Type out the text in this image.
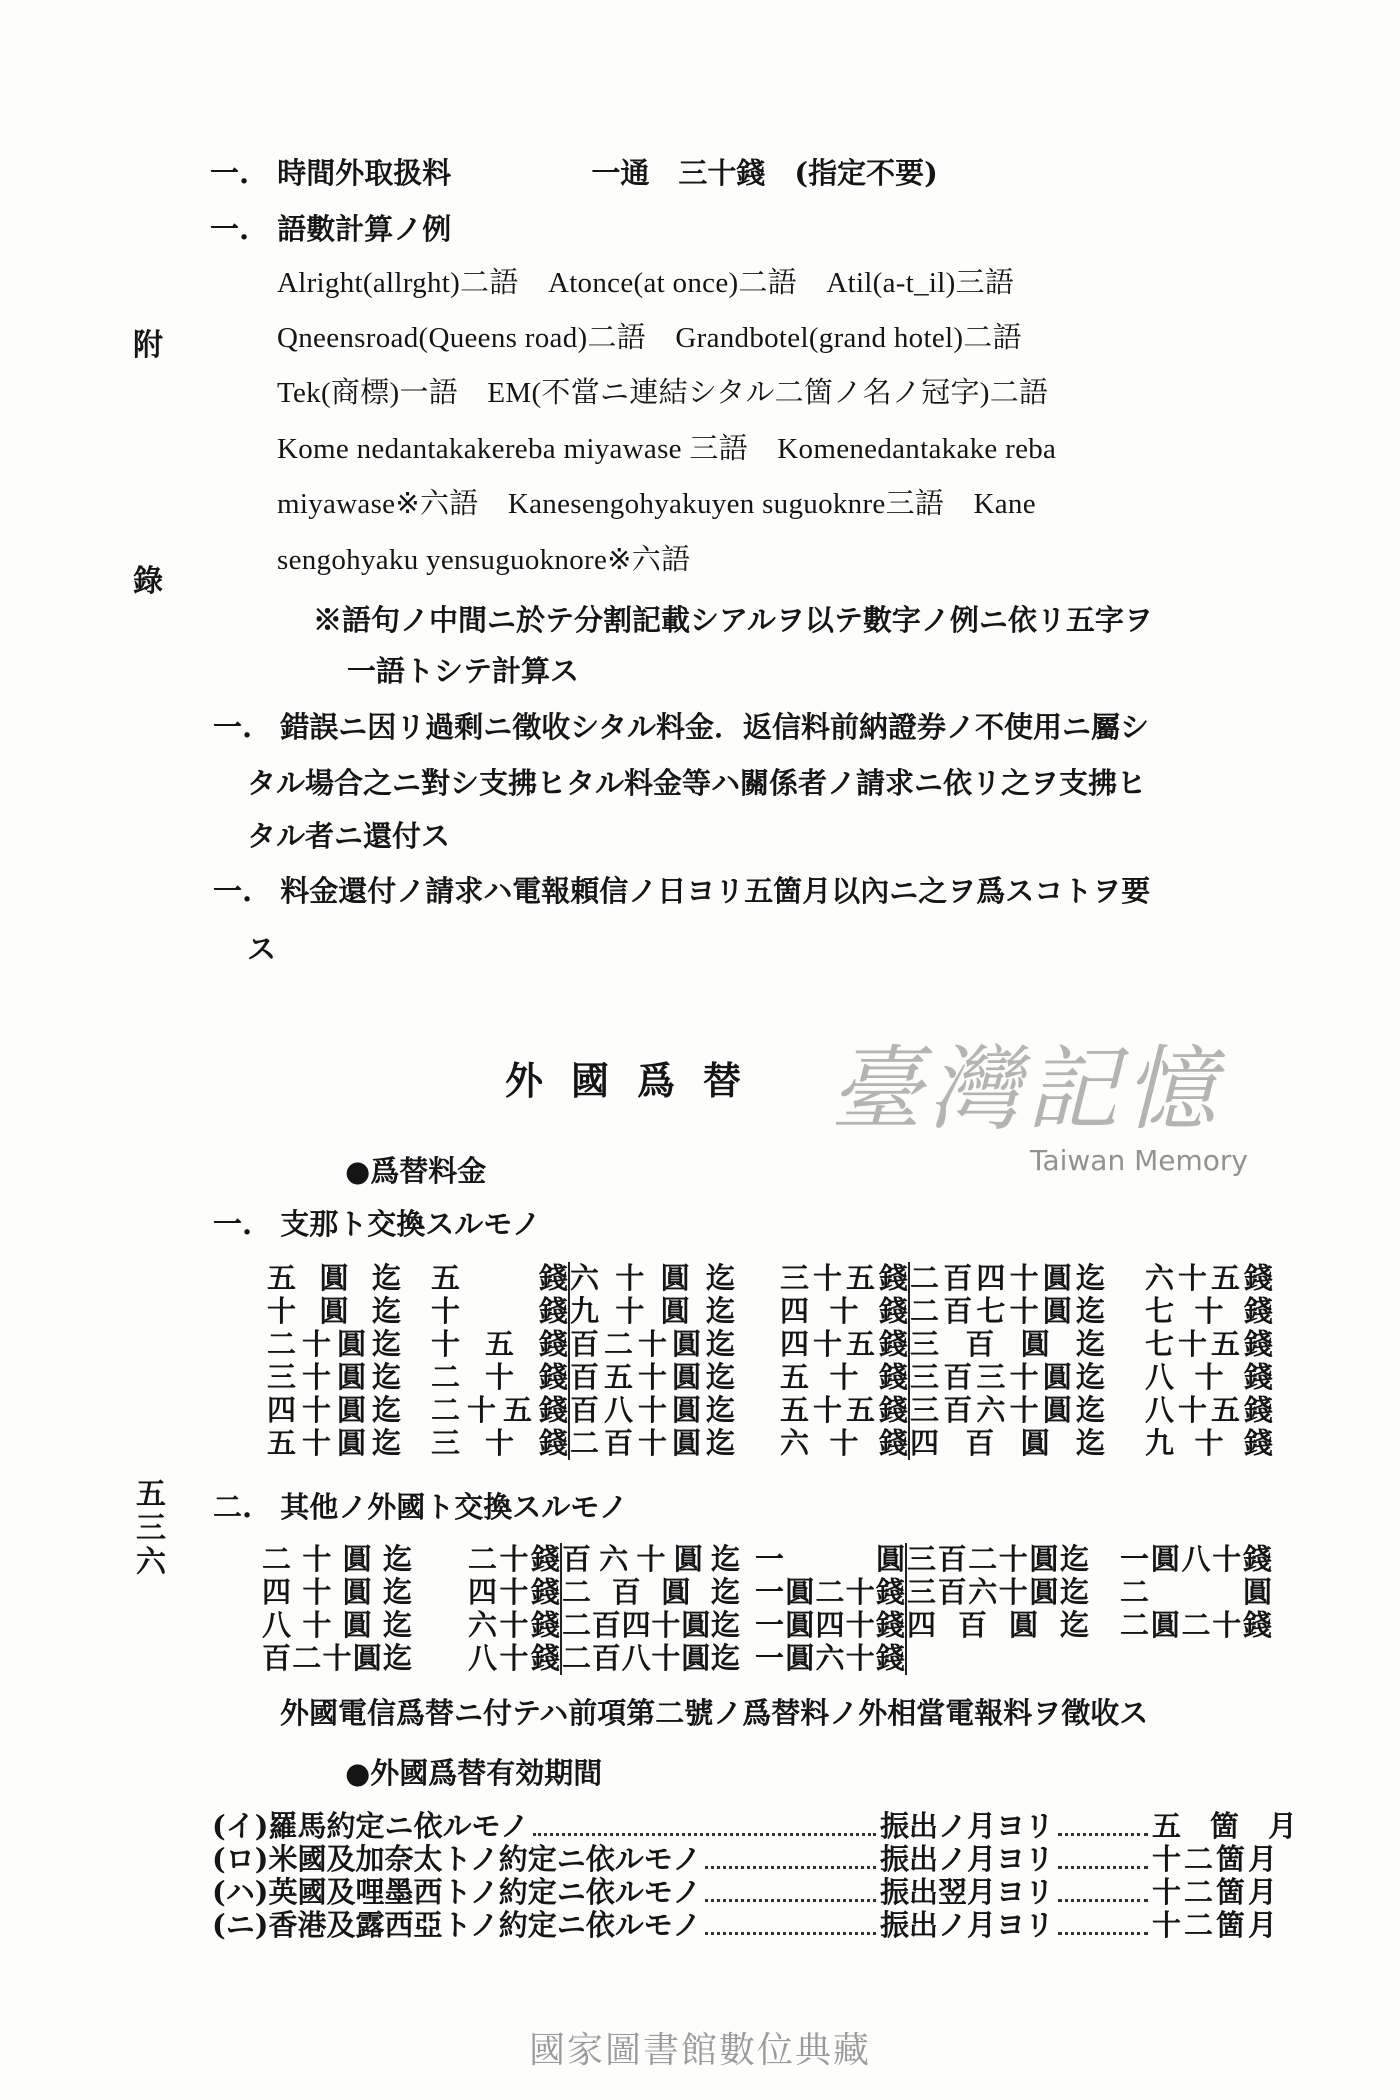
附
錄
五三六
一. 時間外取扱料	一通　三十錢　(指定不要)
一. 語數計算ノ例
Alright(allrght)二語　Atonce(at once)二語　Atil(a-t_il)三語
Qneensroad(Queens road)二語　Grandbotel(grand hotel)二語
Tek(商標)一語　EM(不當ニ連結シタル二箇ノ名ノ冠字)二語
Kome nedantakakereba miyawase 三語　Komenedantakake reba
miyawase※六語　Kanesengohyakuyen suguoknre三語　Kane
sengohyaku yensuguoknore※六語
※語句ノ中間ニ於テ分割記載シアルヲ以テ數字ノ例ニ依リ五字ヲ
一語トシテ計算ス
一. 錯誤ニ因リ過剩ニ徵收シタル料金．返信料前納證券ノ不使用ニ屬シ
タル場合之ニ對シ支拂ヒタル料金等ハ關係者ノ請求ニ依リ之ヲ支拂ヒ
タル者ニ還付ス
一. 料金還付ノ請求ハ電報頼信ノ日ヨリ五箇月以內ニ之ヲ爲スコトヲ要
ス
外國爲替 臺灣記憶
Taiwan Memory
●爲替料金
一. 支那ト交換スルモノ
五圓迄 五　錢 六十圓迄 三十五錢 二百四十圓迄 六十五錢
十圓迄 十　錢 九十圓迄 四十錢 二百七十圓迄 七十錢
二十圓迄 十五錢 百二十圓迄 四十五錢 三百圓迄 七十五錢
三十圓迄 二十錢 百五十圓迄 五十錢 三百三十圓迄 八十錢
四十圓迄 二十五錢 百八十圓迄 五十五錢 三百六十圓迄 八十五錢
五十圓迄 三十錢 二百十圓迄 六十錢 四百圓迄 九十錢
二. 其他ノ外國ト交換スルモノ
二十圓迄 二十錢 百六十圓迄 一　圓 三百二十圓迄 一圓八十錢
四十圓迄 四十錢 二百圓迄 一圓二十錢 三百六十圓迄 二　圓
八十圓迄 六十錢 二百四十圓迄 一圓四十錢 四百圓迄 二圓二十錢
百二十圓迄 八十錢 二百八十圓迄 一圓六十錢
外國電信爲替ニ付テハ前項第二號ノ爲替料ノ外相當電報料ヲ徵收ス
●外國爲替有効期間
(イ) 羅馬約定ニ依ルモノ	振出ノ月ヨリ	五　箇　月
(ロ) 米國及加奈太トノ約定ニ依ルモノ	振出ノ月ヨリ	十二箇月
(ハ) 英國及哩墨西トノ約定ニ依ルモノ	振出翌月ヨリ	十二箇月
(ニ) 香港及露西亞トノ約定ニ依ルモノ	振出ノ月ヨリ	十二箇月
國家圖書館數位典藏
